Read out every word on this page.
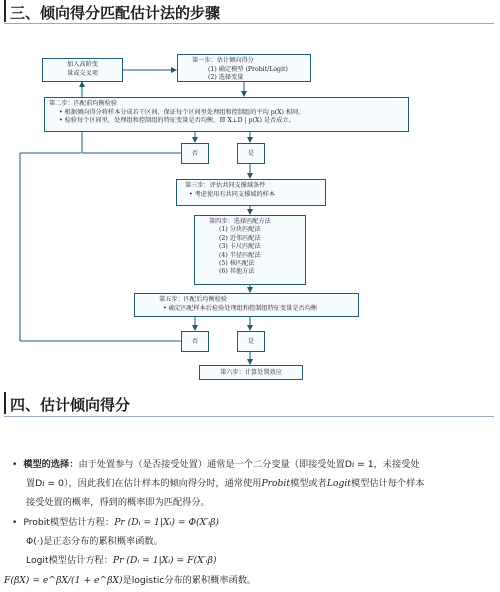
三、倾向得分匹配估计法的步骤
加入高阶变
量或交叉项
第一步：估计倾向得分
(1) 确定模型 (Probit/Logit)
(2) 选择变量
第二步：匹配前均衡检验
• 根据倾向得分将样本分成若干区间，保证每个区间里处理组和控制组的平均 p(X) 相同。
• 检验每个区间里，处理组和控制组的特征变量是否均衡，即 X⊥D | p(X) 是否成立。
否	是
第三步：评估共同支撑域条件
• 考虑使用有共同支撑域的样本
第四步：选择匹配方法
(1) 分块匹配法
(2) 近邻匹配法
(3) 卡尺匹配法
(4) 半径匹配法
(5) 核匹配法
(6) 其他方法
第五步：匹配后均衡检验
• 确定匹配样本后检验处理组和控制组特征变量是否均衡
否	是
第六步：计算处置效应
四、估计倾向得分
• 模型的选择：由于处置参与（是否接受处置）通常是一个二分变量（即接受处置Di = 1，未接受处
置Di = 0），因此我们在估计样本的倾向得分时，通常使用Probit模型或者Logit模型估计每个样本
接受处置的概率，得到的概率即为匹配得分。
• Probit模型估计方程：Pr (Dᵢ = 1|Xᵢ) = Φ(X′ᵢβ)
Φ(·)是正态分布的累积概率函数。
Logit模型估计方程：Pr (Dᵢ = 1|Xᵢ) = F(X′ᵢβ)
F(βX) = e^βX/(1 + e^βX)是logistic分布的累积概率函数。
